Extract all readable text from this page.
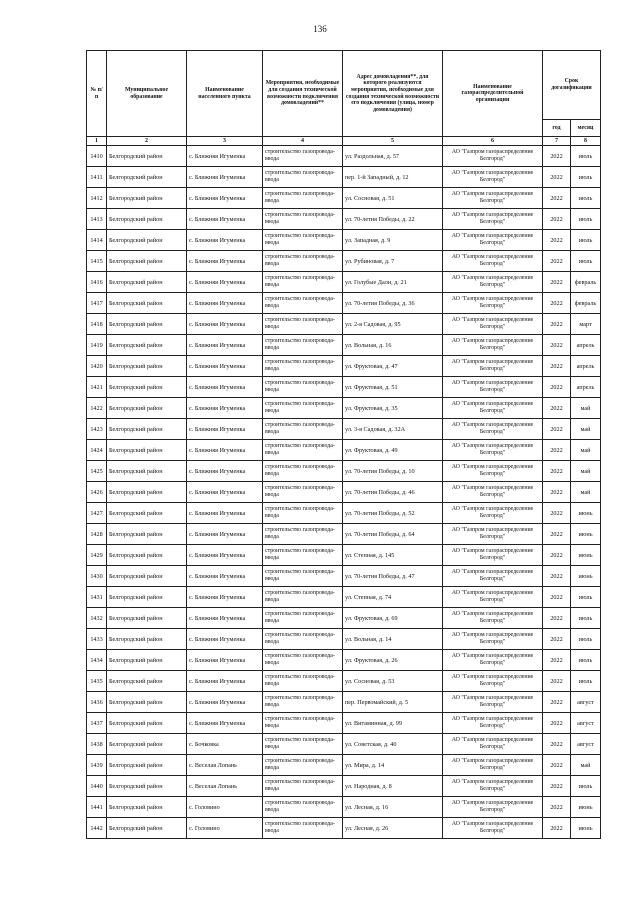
136
№ п/п	Муниципальное образование	Наименование населенного пункта	Мероприятия, необходимые для создания технической возможности подключения домовладений**	Адрес домовладения**, для которого реализуются мероприятия, необходимые для создания технической возможности его подключения (улица, номер домовладения)	Наименование газораспределительной организации	Срок догазификации	
						год	месяц
1	2	3	4	5	6	7	8
1410	Белгородский район	с. Ближняя Игуменка	строительство газопровода-ввода	ул. Раздольная, д. 57	АО "Газпром газораспределение Белгород"	2022	июль
1411	Белгородский район	с. Ближняя Игуменка	строительство газопровода-ввода	пер. 1-й Западный, д. 12	АО "Газпром газораспределение Белгород"	2022	июль
1412	Белгородский район	с. Ближняя Игуменка	строительство газопровода-ввода	ул. Сосновая, д. 51	АО "Газпром газораспределение Белгород"	2022	июль
1413	Белгородский район	с. Ближняя Игуменка	строительство газопровода-ввода	ул. 70-летия Победы, д. 22	АО "Газпром газораспределение Белгород"	2022	июль
1414	Белгородский район	с. Ближняя Игуменка	строительство газопровода-ввода	ул. Западная, д. 9	АО "Газпром газораспределение Белгород"	2022	июль
1415	Белгородский район	с. Ближняя Игуменка	строительство газопровода-ввода	ул. Рубиновая, д. 7	АО "Газпром газораспределение Белгород"	2022	июль
1416	Белгородский район	с. Ближняя Игуменка	строительство газопровода-ввода	ул. Голубые Дали, д. 21	АО "Газпром газораспределение Белгород"	2022	февраль
1417	Белгородский район	с. Ближняя Игуменка	строительство газопровода-ввода	ул. 70-летия Победы, д. 36	АО "Газпром газораспределение Белгород"	2022	февраль
1418	Белгородский район	с. Ближняя Игуменка	строительство газопровода-ввода	ул. 2-я Садовая, д. 95	АО "Газпром газораспределение Белгород"	2022	март
1419	Белгородский район	с. Ближняя Игуменка	строительство газопровода-ввода	ул. Вольная, д. 16	АО "Газпром газораспределение Белгород"	2022	апрель
1420	Белгородский район	с. Ближняя Игуменка	строительство газопровода-ввода	ул. Фруктовая, д. 47	АО "Газпром газораспределение Белгород"	2022	апрель
1421	Белгородский район	с. Ближняя Игуменка	строительство газопровода-ввода	ул. Фруктовая, д. 51	АО "Газпром газораспределение Белгород"	2022	апрель
1422	Белгородский район	с. Ближняя Игуменка	строительство газопровода-ввода	ул. Фруктовая, д. 35	АО "Газпром газораспределение Белгород"	2022	май
1423	Белгородский район	с. Ближняя Игуменка	строительство газопровода-ввода	ул. 3-я Садовая, д. 32А	АО "Газпром газораспределение Белгород"	2022	май
1424	Белгородский район	с. Ближняя Игуменка	строительство газопровода-ввода	ул. Фруктовая, д. 49	АО "Газпром газораспределение Белгород"	2022	май
1425	Белгородский район	с. Ближняя Игуменка	строительство газопровода-ввода	ул. 70-летия Победы, д. 10	АО "Газпром газораспределение Белгород"	2022	май
1426	Белгородский район	с. Ближняя Игуменка	строительство газопровода-ввода	ул. 70-летия Победы, д. 46	АО "Газпром газораспределение Белгород"	2022	май
1427	Белгородский район	с. Ближняя Игуменка	строительство газопровода-ввода	ул. 70-летия Победы, д. 52	АО "Газпром газораспределение Белгород"	2022	июнь
1428	Белгородский район	с. Ближняя Игуменка	строительство газопровода-ввода	ул. 70-летия Победы, д. 64	АО "Газпром газораспределение Белгород"	2022	июнь
1429	Белгородский район	с. Ближняя Игуменка	строительство газопровода-ввода	ул. Степная, д. 145	АО "Газпром газораспределение Белгород"	2022	июнь
1430	Белгородский район	с. Ближняя Игуменка	строительство газопровода-ввода	ул. 70-летия Победы, д. 47	АО "Газпром газораспределение Белгород"	2022	июнь
1431	Белгородский район	с. Ближняя Игуменка	строительство газопровода-ввода	ул. Степная, д. 74	АО "Газпром газораспределение Белгород"	2022	июль
1432	Белгородский район	с. Ближняя Игуменка	строительство газопровода-ввода	ул. Фруктовая, д. 69	АО "Газпром газораспределение Белгород"	2022	июль
1433	Белгородский район	с. Ближняя Игуменка	строительство газопровода-ввода	ул. Вольная, д. 14	АО "Газпром газораспределение Белгород"	2022	июль
1434	Белгородский район	с. Ближняя Игуменка	строительство газопровода-ввода	ул. Фруктовая, д. 26	АО "Газпром газораспределение Белгород"	2022	июль
1435	Белгородский район	с. Ближняя Игуменка	строительство газопровода-ввода	ул. Сосновая, д. 53	АО "Газпром газораспределение Белгород"	2022	июль
1436	Белгородский район	с. Ближняя Игуменка	строительство газопровода-ввода	пер. Первомайский, д. 5	АО "Газпром газораспределение Белгород"	2022	август
1437	Белгородский район	с. Ближняя Игуменка	строительство газопровода-ввода	ул. Витаминная, д. 99	АО "Газпром газораспределение Белгород"	2022	август
1438	Белгородский район	с. Бочковка	строительство газопровода-ввода	ул. Советская, д. 40	АО "Газпром газораспределение Белгород"	2022	август
1439	Белгородский район	с. Веселая Лопань	строительство газопровода-ввода	ул. Мира, д. 14	АО "Газпром газораспределение Белгород"	2022	май
1440	Белгородский район	с. Веселая Лопань	строительство газопровода-ввода	ул. Народная, д. 8	АО "Газпром газораспределение Белгород"	2022	июль
1441	Белгородский район	с. Головино	строительство газопровода-ввода	ул. Лесная, д. 16	АО "Газпром газораспределение Белгород"	2022	июнь
1442	Белгородский район	с. Головино	строительство газопровода-ввода	ул. Лесная, д. 26	АО "Газпром газораспределение Белгород"	2022	июнь
